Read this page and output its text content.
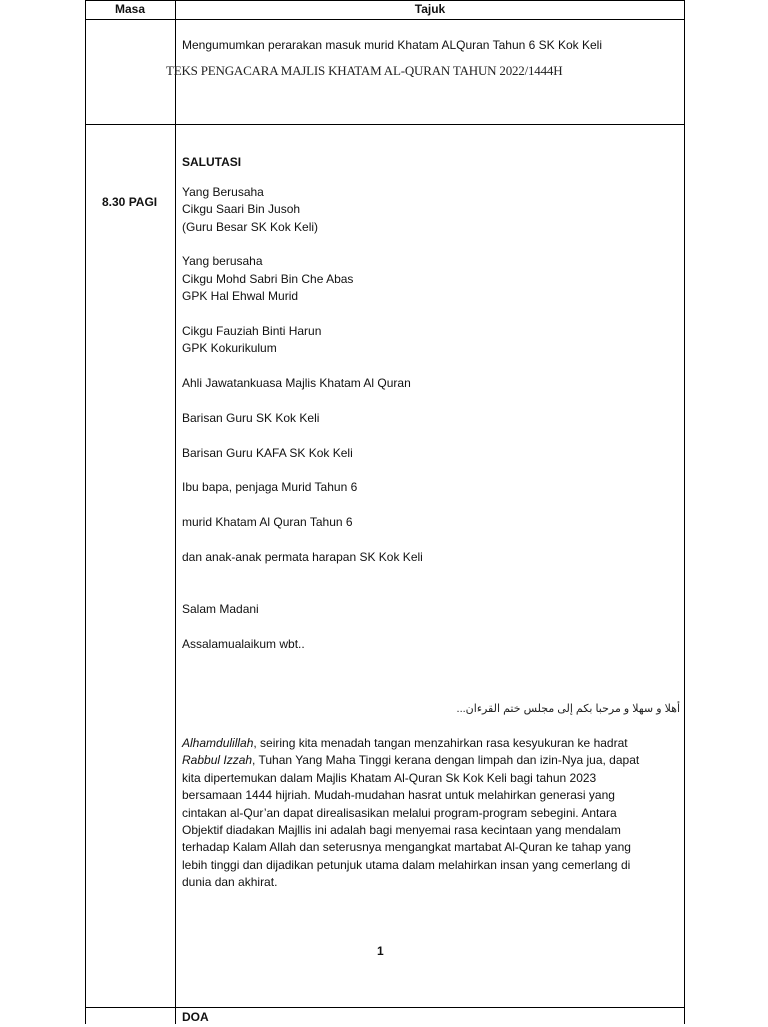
Masa	Tajuk
Mengumumkan perarakan masuk murid Khatam ALQuran Tahun 6 SK Kok Keli
TEKS PENGACARA MAJLIS KHATAM AL-QURAN TAHUN 2022/1444H
8.30 PAGI
SALUTASI
Yang Berusaha
Cikgu Saari Bin Jusoh
(Guru Besar SK Kok Keli)
Yang berusaha
Cikgu Mohd Sabri Bin Che Abas
GPK Hal Ehwal Murid
Cikgu Fauziah Binti Harun
GPK Kokurikulum
Ahli Jawatankuasa Majlis Khatam Al Quran
Barisan Guru SK Kok Keli
Barisan Guru KAFA SK Kok Keli
Ibu bapa, penjaga Murid Tahun 6
murid Khatam Al Quran Tahun 6
dan anak-anak permata harapan SK Kok Keli
Salam Madani
Assalamualaikum wbt..
أهلا و سهلا و مرحبا بكم إلى مجلس ختم القرءان...
Alhamdulillah, seiring kita menadah tangan menzahirkan rasa kesyukuran ke hadrat Rabbul Izzah, Tuhan Yang Maha Tinggi kerana dengan limpah dan izin-Nya jua, dapat kita dipertemukan dalam Majlis Khatam Al-Quran Sk Kok Keli bagi tahun 2023 bersamaan 1444 hijriah. Mudah-mudahan hasrat untuk melahirkan generasi yang cintakan al-Qur’an dapat direalisasikan melalui program-program sebegini. Antara Objektif diadakan Majllis ini adalah bagi menyemai rasa kecintaan yang mendalam terhadap Kalam Allah dan seterusnya mengangkat martabat Al-Quran ke tahap yang lebih tinggi dan dijadikan petunjuk utama dalam melahirkan insan yang cemerlang di dunia dan akhirat.
1
DOA
